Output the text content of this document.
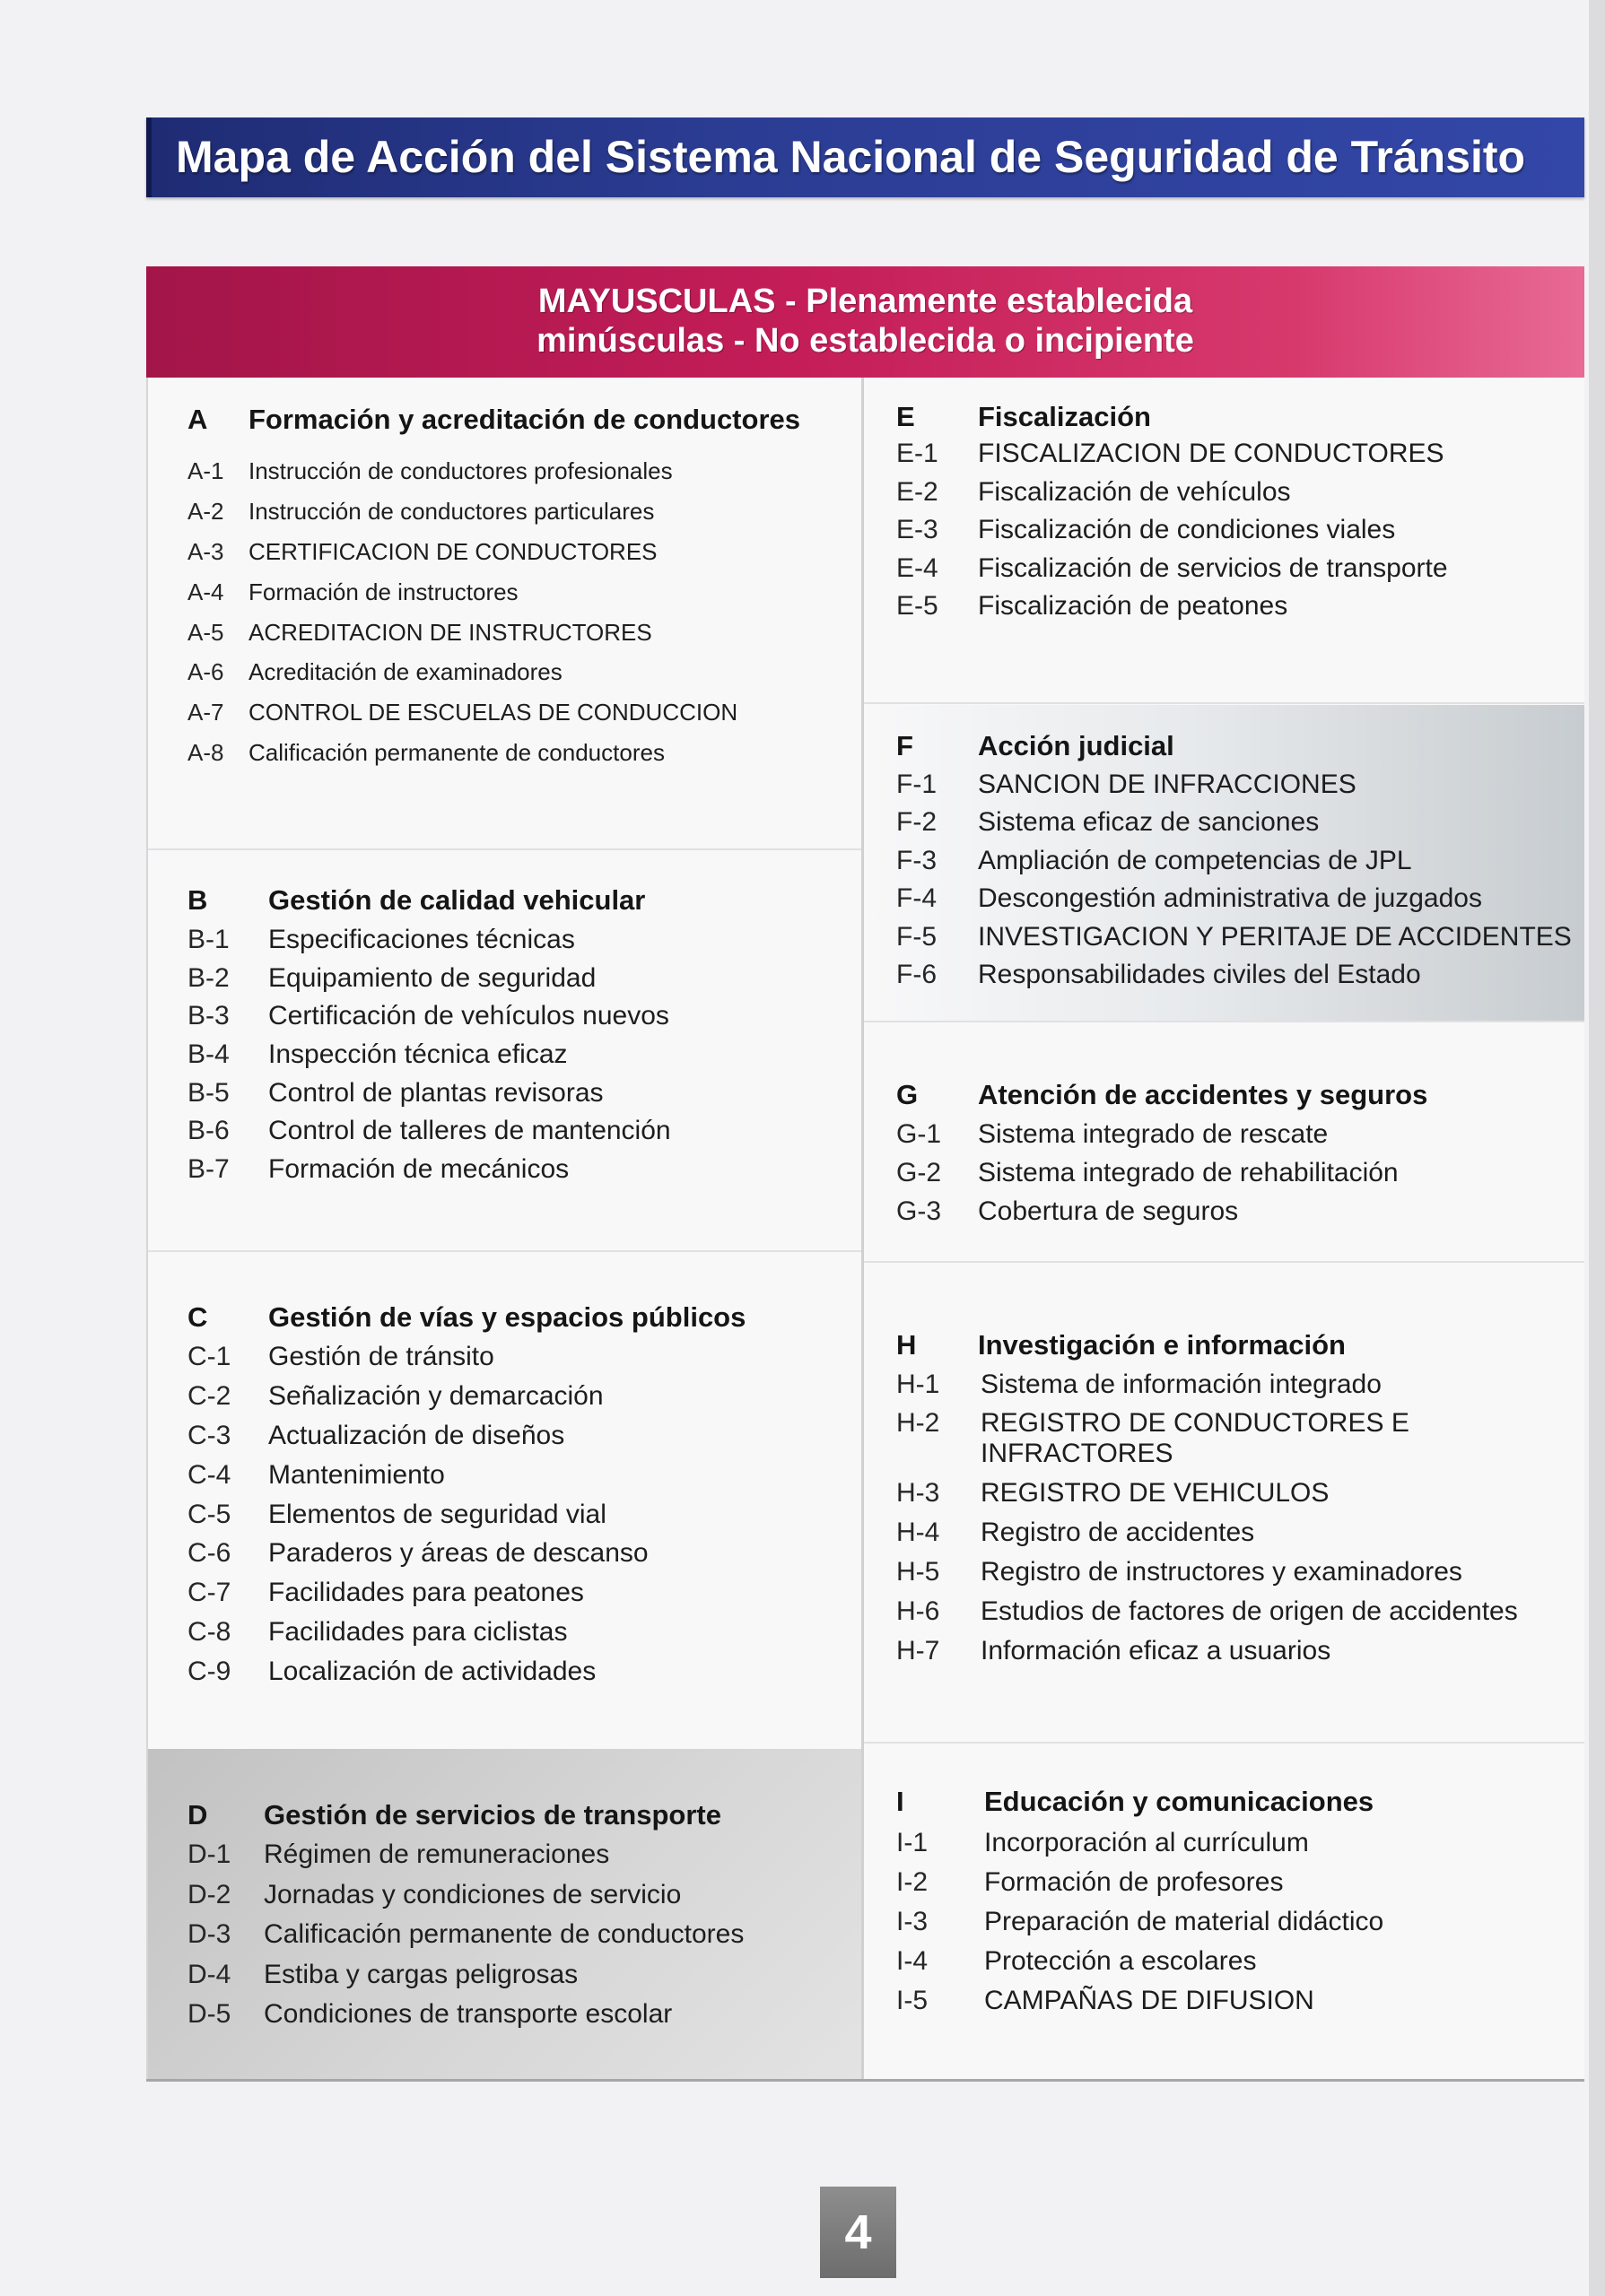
Mapa de Acción del Sistema Nacional de Seguridad de Tránsito
MAYUSCULAS - Plenamente establecida
minúsculas - No establecida o incipiente
A Formación y acreditación de conductores
A-1 Instrucción de conductores profesionales
A-2 Instrucción de conductores particulares
A-3 CERTIFICACION DE CONDUCTORES
A-4 Formación de instructores
A-5 ACREDITACION DE INSTRUCTORES
A-6 Acreditación de examinadores
A-7 CONTROL DE ESCUELAS DE CONDUCCION
A-8 Calificación permanente de conductores
B Gestión de calidad vehicular
B-1 Especificaciones técnicas
B-2 Equipamiento de seguridad
B-3 Certificación de vehículos nuevos
B-4 Inspección técnica eficaz
B-5 Control de plantas revisoras
B-6 Control de talleres de mantención
B-7 Formación de mecánicos
C Gestión de vías y espacios públicos
C-1 Gestión de tránsito
C-2 Señalización y demarcación
C-3 Actualización de diseños
C-4 Mantenimiento
C-5 Elementos de seguridad vial
C-6 Paraderos y áreas de descanso
C-7 Facilidades para peatones
C-8 Facilidades para ciclistas
C-9 Localización de actividades
D Gestión de servicios de transporte
D-1 Régimen de remuneraciones
D-2 Jornadas y condiciones de servicio
D-3 Calificación permanente de conductores
D-4 Estiba y cargas peligrosas
D-5 Condiciones de transporte escolar
E Fiscalización
E-1 FISCALIZACION DE CONDUCTORES
E-2 Fiscalización de vehículos
E-3 Fiscalización de condiciones viales
E-4 Fiscalización de servicios de transporte
E-5 Fiscalización de peatones
F Acción judicial
F-1 SANCION DE INFRACCIONES
F-2 Sistema eficaz de sanciones
F-3 Ampliación de competencias de JPL
F-4 Descongestión administrativa de juzgados
F-5 INVESTIGACION Y PERITAJE DE ACCIDENTES
F-6 Responsabilidades civiles del Estado
G Atención de accidentes y seguros
G-1 Sistema integrado de rescate
G-2 Sistema integrado de rehabilitación
G-3 Cobertura de seguros
H Investigación e información
H-1 Sistema de información integrado
H-2 REGISTRO DE CONDUCTORES E INFRACTORES
H-3 REGISTRO DE VEHICULOS
H-4 Registro de accidentes
H-5 Registro de instructores y examinadores
H-6 Estudios de factores de origen de accidentes
H-7 Información eficaz a usuarios
I	Educación y comunicaciones
I-1 Incorporación al currículum
I-2 Formación de profesores
I-3 Preparación de material didáctico
I-4 Protección a escolares
I-5 CAMPAÑAS DE DIFUSION
4
